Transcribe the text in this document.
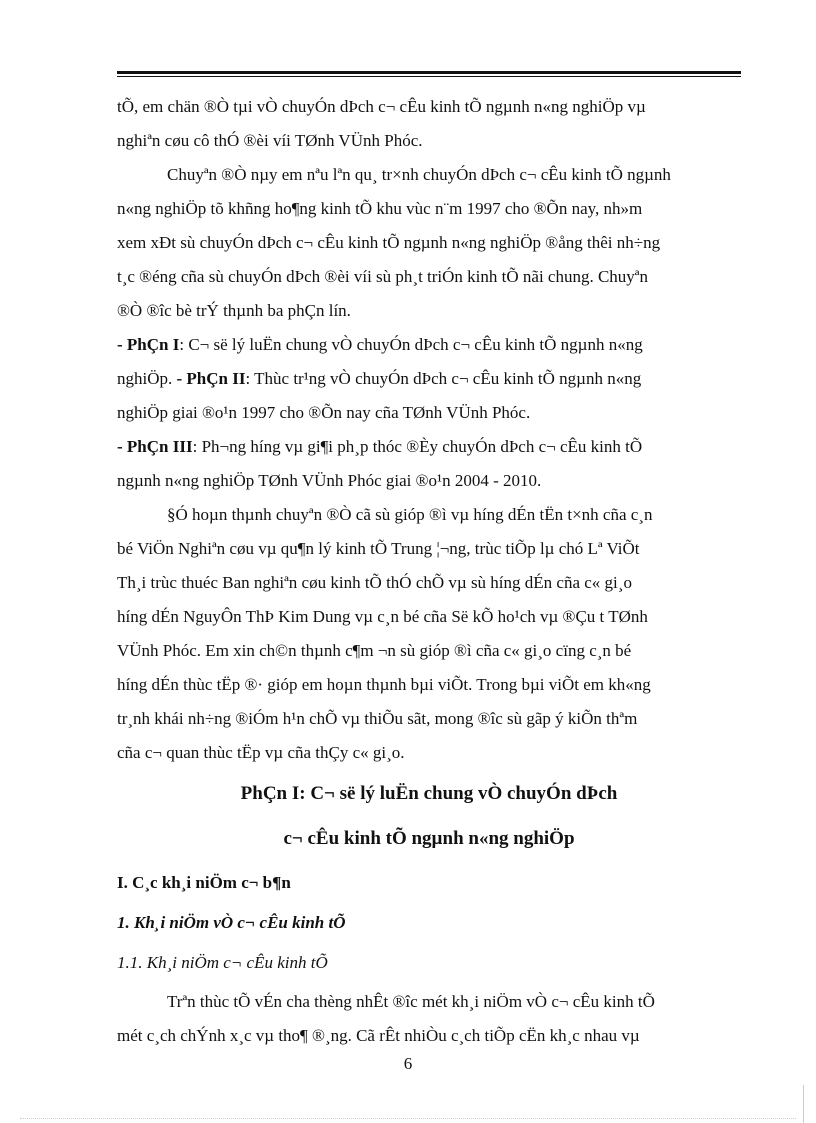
tÕ, em chän ®Ò tµi vÒ chuyÓn dÞch c¬ cÊu kinh tÕ ngµnh n«ng nghiÖp vµ

nghiªn cøu cô thÓ ®èi víi TØnh VÜnh Phóc.

Chuyªn ®Ò nµy em nªu lªn qu¸ tr×nh chuyÓn dÞch c¬ cÊu kinh tÕ ngµnh

n«ng nghiÖp tõ khñng ho¶ng kinh tÕ khu vùc n¨m 1997 cho ®Õn nay, nh»m

xem xÐt sù chuyÓn dÞch c¬ cÊu kinh tÕ ngµnh n«ng nghiÖp ®ång thêi nh÷ng

t¸c ®éng cña sù chuyÓn dÞch ®èi víi sù ph¸t triÓn kinh tÕ nãi chung. Chuyªn

®Ò ®îc bè trÝ thµnh ba phÇn lín.

- PhÇn I: C¬ së lý luËn chung vÒ chuyÓn dÞch c¬ cÊu kinh tÕ ngµnh n«ng

nghiÖp. - PhÇn II: Thùc tr¹ng vÒ chuyÓn dÞch c¬ cÊu kinh tÕ ngµnh n«ng

nghiÖp giai ®o¹n 1997 cho ®Õn nay cña TØnh VÜnh Phóc.

- PhÇn III: Ph¬ng híng vµ gi¶i ph¸p thóc ®Èy chuyÓn dÞch c¬ cÊu kinh tÕ

ngµnh n«ng nghiÖp TØnh VÜnh Phóc giai ®o¹n 2004 - 2010.

§Ó hoµn thµnh chuyªn ®Ò cã sù gióp ®ì vµ híng dÉn tËn t×nh cña c¸n

bé ViÖn Nghiªn cøu vµ qu¶n lý kinh tÕ Trung ¦¬ng, trùc tiÕp lµ chó Lª ViÕt

Th¸i trùc thuéc Ban nghiªn cøu kinh tÕ thÓ chÕ vµ sù híng dÉn cña c« gi¸o

híng dÉn NguyÔn ThÞ Kim Dung vµ c¸n bé cña Së kÕ ho¹ch vµ ®Çu t TØnh

VÜnh Phóc. Em xin ch©n thµnh c¶m ¬n sù gióp ®ì cña c« gi¸o cïng c¸n bé

híng dÉn thùc tËp ®· gióp em hoµn thµnh bµi viÕt. Trong bµi viÕt em kh«ng

tr¸nh khái nh÷ng ®iÓm h¹n chÕ vµ thiÕu sãt, mong ®îc sù gãp ý kiÕn thªm

cña c¬ quan thùc tËp vµ cña thÇy c« gi¸o.

PhÇn I: C¬ së lý luËn chung vÒ chuyÓn dÞch
c¬ cÊu kinh tÕ ngµnh n«ng nghiÖp
I. C¸c kh¸i niÖm c¬ b¶n
1. Kh¸i niÖm vÒ c¬ cÊu kinh tÕ
1.1. Kh¸i niÖm c¬ cÊu kinh tÕ

Trªn thùc tÕ vÉn cha thèng nhÊt ®îc mét kh¸i niÖm vÒ c¬ cÊu kinh tÕ

mét c¸ch chÝnh x¸c vµ tho¶ ®¸ng. Cã rÊt nhiÒu c¸ch tiÕp cËn kh¸c nhau vµ

6
